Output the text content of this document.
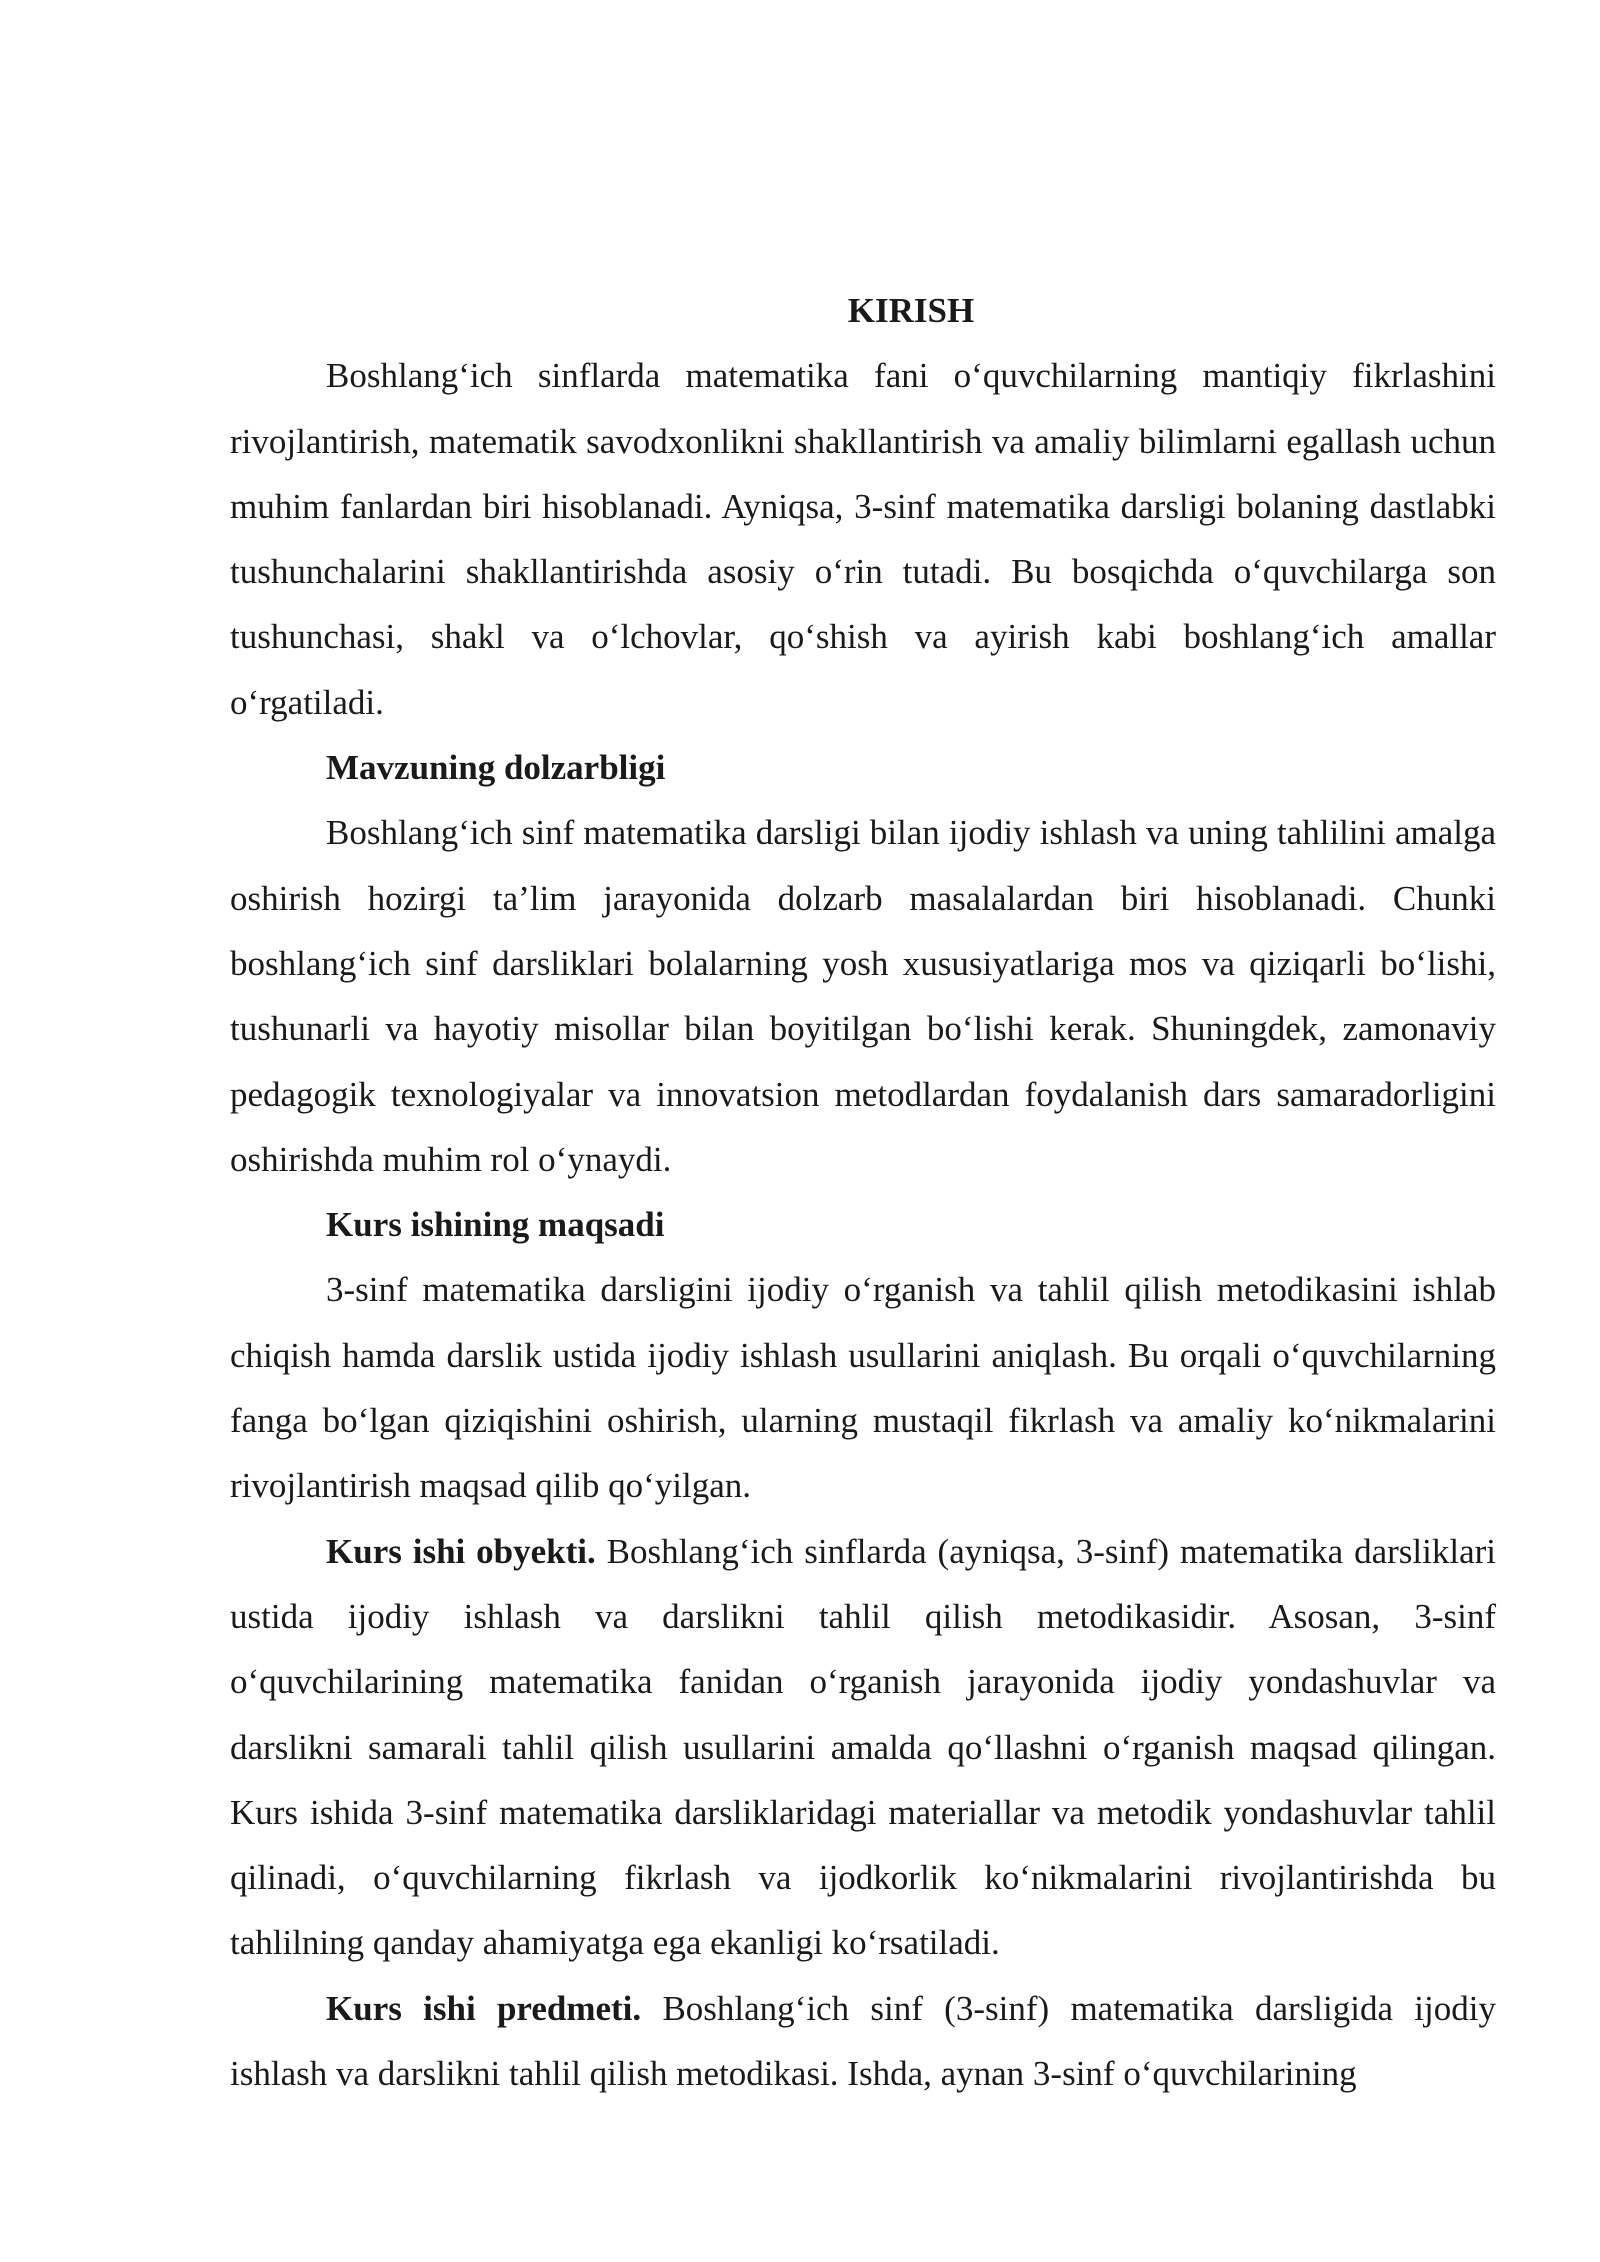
KIRISH

Boshlang‘ich sinflarda matematika fani o‘quvchilarning mantiqiy fikrlashini rivojlantirish, matematik savodxonlikni shakllantirish va amaliy bilimlarni egallash uchun muhim fanlardan biri hisoblanadi. Ayniqsa, 3-sinf matematika darsligi bolaning dastlabki tushunchalarini shakllantirishda asosiy o‘rin tutadi. Bu bosqichda o‘quvchilarga son tushunchasi, shakl va o‘lchovlar, qo‘shish va ayirish kabi boshlang‘ich amallar o‘rgatiladi.

Mavzuning dolzarbligi

Boshlang‘ich sinf matematika darsligi bilan ijodiy ishlash va uning tahlilini amalga oshirish hozirgi ta’lim jarayonida dolzarb masalalardan biri hisoblanadi. Chunki boshlang‘ich sinf darsliklari bolalarning yosh xususiyatlariga mos va qiziqarli bo‘lishi, tushunarli va hayotiy misollar bilan boyitilgan bo‘lishi kerak. Shuningdek, zamonaviy pedagogik texnologiyalar va innovatsion metodlardan foydalanish dars samaradorligini oshirishda muhim rol o‘ynaydi.

Kurs ishining maqsadi

3-sinf matematika darsligini ijodiy o‘rganish va tahlil qilish metodikasini ishlab chiqish hamda darslik ustida ijodiy ishlash usullarini aniqlash. Bu orqali o‘quvchilarning fanga bo‘lgan qiziqishini oshirish, ularning mustaqil fikrlash va amaliy ko‘nikmalarini rivojlantirish maqsad qilib qo‘yilgan.

Kurs ishi obyekti. Boshlang‘ich sinflarda (ayniqsa, 3-sinf) matematika darsliklari ustida ijodiy ishlash va darslikni tahlil qilish metodikasidir. Asosan, 3-sinf o‘quvchilarining matematika fanidan o‘rganish jarayonida ijodiy yondashuvlar va darslikni samarali tahlil qilish usullarini amalda qo‘llashni o‘rganish maqsad qilingan. Kurs ishida 3-sinf matematika darsliklaridagi materiallar va metodik yondashuvlar tahlil qilinadi, o‘quvchilarning fikrlash va ijodkorlik ko‘nikmalarini rivojlantirishda bu tahlilning qanday ahamiyatga ega ekanligi ko‘rsatiladi.

Kurs ishi predmeti. Boshlang‘ich sinf (3-sinf) matematika darsligida ijodiy ishlash va darslikni tahlil qilish metodikasi. Ishda, aynan 3-sinf o‘quvchilarining
